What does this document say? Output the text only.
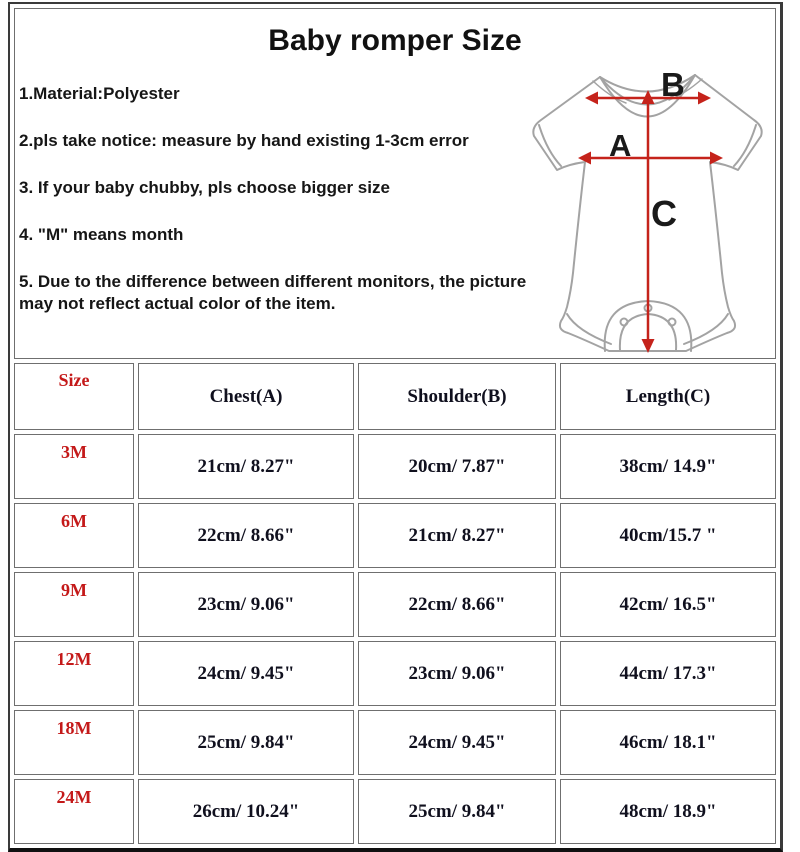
Baby romper Size

1.Material:Polyester

2.pls take notice: measure by hand existing 1-3cm error

3. If your baby chubby, pls choose bigger size

4. "M" means month

5. Due to the difference between different monitors, the picture may not reflect actual color of the item.

B
A
C

Size	Chest(A)	Shoulder(B)	Length(C)
3M	21cm/ 8.27"	20cm/ 7.87"	38cm/ 14.9"
6M	22cm/ 8.66"	21cm/ 8.27"	40cm/15.7 "
9M	23cm/ 9.06"	22cm/ 8.66"	42cm/ 16.5"
12M	24cm/ 9.45"	23cm/ 9.06"	44cm/ 17.3"
18M	25cm/ 9.84"	24cm/ 9.45"	46cm/ 18.1"
24M	26cm/ 10.24"	25cm/ 9.84"	48cm/ 18.9"
